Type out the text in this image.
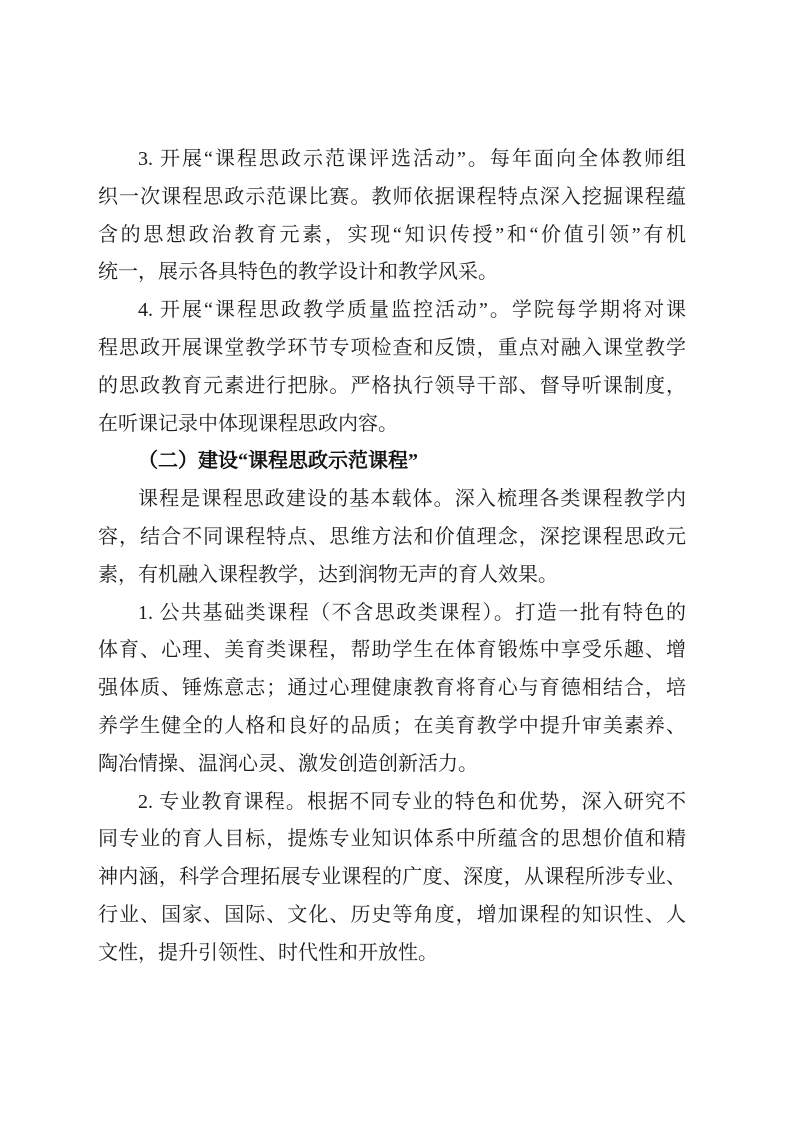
3. 开展“课程思政示范课评选活动”。每年面向全体教师组
织一次课程思政示范课比赛。教师依据课程特点深入挖掘课程蕴
含的思想政治教育元素，实现“知识传授”和“价值引领”有机
统一，展示各具特色的教学设计和教学风采。
4. 开展“课程思政教学质量监控活动”。学院每学期将对课
程思政开展课堂教学环节专项检查和反馈，重点对融入课堂教学
的思政教育元素进行把脉。严格执行领导干部、督导听课制度，
在听课记录中体现课程思政内容。
（二）建设“课程思政示范课程”
课程是课程思政建设的基本载体。深入梳理各类课程教学内
容，结合不同课程特点、思维方法和价值理念，深挖课程思政元
素，有机融入课程教学，达到润物无声的育人效果。
1. 公共基础类课程（不含思政类课程）。打造一批有特色的
体育、心理、美育类课程，帮助学生在体育锻炼中享受乐趣、增
强体质、锤炼意志；通过心理健康教育将育心与育德相结合，培
养学生健全的人格和良好的品质；在美育教学中提升审美素养、
陶冶情操、温润心灵、激发创造创新活力。
2. 专业教育课程。根据不同专业的特色和优势，深入研究不
同专业的育人目标，提炼专业知识体系中所蕴含的思想价值和精
神内涵，科学合理拓展专业课程的广度、深度，从课程所涉专业、
行业、国家、国际、文化、历史等角度，增加课程的知识性、人
文性，提升引领性、时代性和开放性。
